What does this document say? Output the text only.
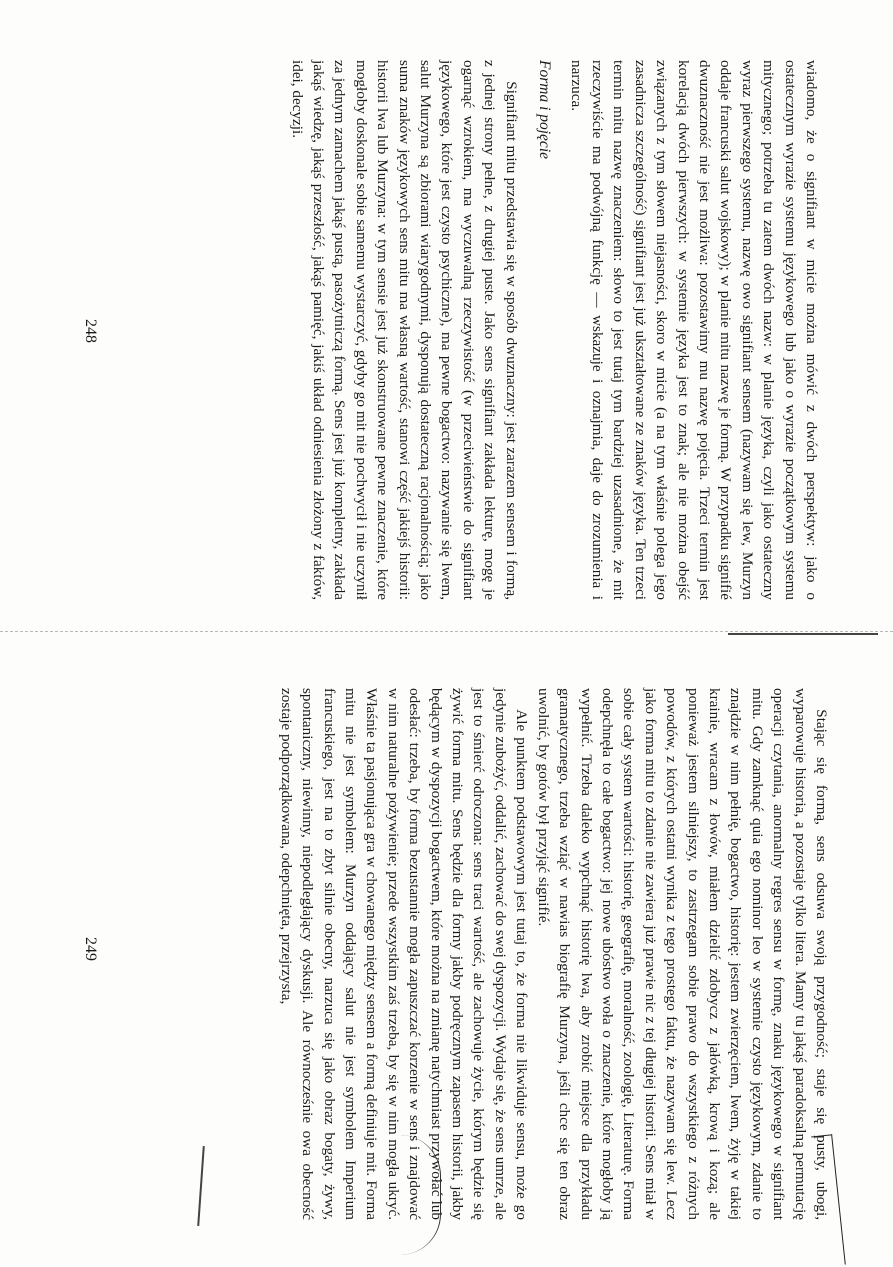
wiadomo, że o signifiant w micie można mówić z dwóch perspektyw: jako o ostatecznym wyrazie systemu językowego lub jako o wyrazie początkowym systemu mitycznego; potrzeba tu zatem dwóch nazw: w planie języka, czyli jako ostateczny wyraz pierwszego systemu, nazwę owo signifiant sensem (nazywam się lew, Murzyn oddaje francuski salut wojskowy); w planie mitu nazwę je formą. W przypadku signifié dwuznaczność nie jest możliwa: pozostawimy mu nazwę pojęcia. Trzeci termin jest korelacją dwóch pierwszych: w systemie języka jest to znak; ale nie można obejść związanych z tym słowem niejasności, skoro w micie (a na tym właśnie polega jego zasadnicza szczególność) signifiant jest już ukształtowane ze znaków języka. Ten trzeci termin mitu nazwę znaczeniem: słowo to jest tutaj tym bardziej uzasadnione, że mit rzeczywiście ma podwójną funkcję — wskazuje i oznajmia, daje do zrozumienia i narzuca.

Forma i pojęcie

Signifiant mitu przedstawia się w sposób dwuznaczny: jest zarazem sensem i formą, z jednej strony pełne, z drugiej puste. Jako sens signifiant zakłada lekturę, mogę je ogarnąć wzrokiem, ma wyczuwalną rzeczywistość (w przeciwieństwie do signifiant językowego, które jest czysto psychiczne), ma pewne bogactwo: nazywanie się lwem, salut Murzyna są zbiorami wiarygodnymi, dysponują dostateczną racjonalnością; jako suma znaków językowych sens mitu ma własną wartość, stanowi część jakiejś historii: historii lwa lub Murzyna: w tym sensie jest już skonstruowane pewne znaczenie, które mogłoby doskonale sobie samemu wystarczyć, gdyby go mit nie pochwycił i nie uczynił za jednym zamachem jakąś pustą, pasożytniczą formą. Sens jest już kompletny, zakłada jakąś wiedzę, jakąś przeszłość, jakąś pamięć, jakiś układ odniesienia złożony z faktów, idei, decyzji.

Stając się formą, sens odsuwa swoją przygodność; staje się pusty, ubogi, wyparowuje historia, a pozostaje tylko litera. Mamy tu jakąś paradoksalną permutację operacji czytania, anormalny regres sensu w formę, znaku językowego w signifiant mitu. Gdy zamknąć quia ego nominor leo w systemie czysto językowym, zdanie to znajdzie w nim pełnię, bogactwo, historię: jestem zwierzęciem, lwem, żyję w takiej krainie, wracam z łowów, miałem dzielić zdobycz z jałówką, krową i kozą; ale ponieważ jestem silniejszy, to zastrzegam sobie prawo do wszystkiego z różnych powodów, z których ostatni wynika z tego prostego faktu, że nazywam się lew. Lecz jako forma mitu to zdanie nie zawiera już prawie nic z tej długiej historii. Sens miał w sobie cały system wartości: historię, geografię, moralność, zoologię, Literaturę. Forma odepchnęła to całe bogactwo: jej nowe ubóstwo woła o znaczenie, które mogłoby ją wypełnić. Trzeba daleko wypchnąć historię lwa, aby zrobić miejsce dla przykładu gramatycznego, trzeba wziąć w nawias biografię Murzyna, jeśli chce się ten obraz uwolnić, by gotów był przyjąć signifié.

Ale punktem podstawowym jest tutaj to, że forma nie likwiduje sensu, może go jedynie zubożyć, oddalić, zachować do swej dyspozycji. Wydaje się, że sens umrze, ale jest to śmierć odroczona: sens traci wartość, ale zachowuje życie, którym będzie się żywić forma mitu. Sens będzie dla formy jakby podręcznym zapasem historii, jakby będącym w dyspozycji bogactwem, które można na zmianę natychmiast przywołać lub odesłać: trzeba, by forma bezustannie mogła zapuszczać korzenie w sens i znajdować w nim naturalne pożywienie; przede wszystkim zaś trzeba, by się w nim mogła ukryć. Właśnie ta pasjonująca gra w chowanego między sensem a formą definiuje mit. Forma mitu nie jest symbolem: Murzyn oddający salut nie jest symbolem Imperium francuskiego, jest na to zbyt silnie obecny, narzuca się jako obraz bogaty, żywy, spontaniczny, niewinny, niepodległający dyskusji. Ale równocześnie owa obecność zostaje podporządkowana, odepchnięta, przejrzysta,

248
249
